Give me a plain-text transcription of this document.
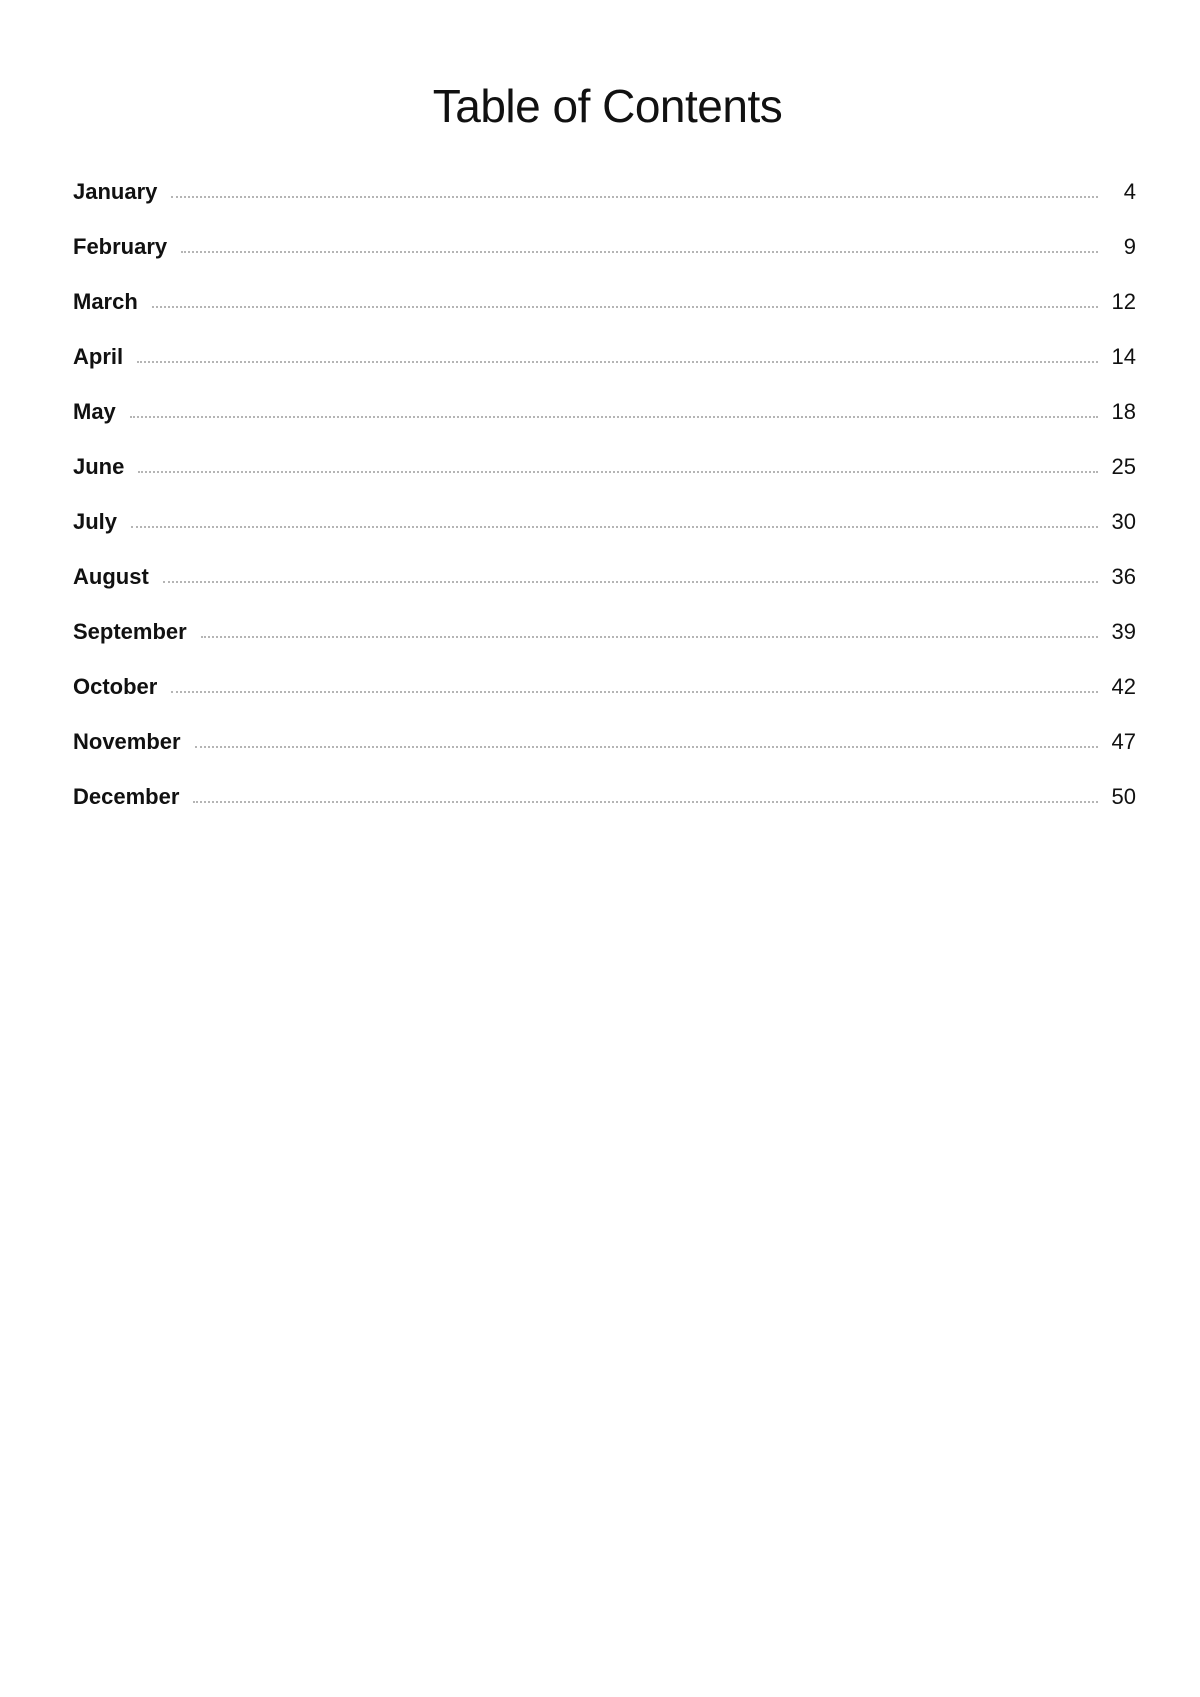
Table of Contents
January	4
February	9
March	12
April	14
May	18
June	25
July	30
August	36
September	39
October	42
November	47
December	50
